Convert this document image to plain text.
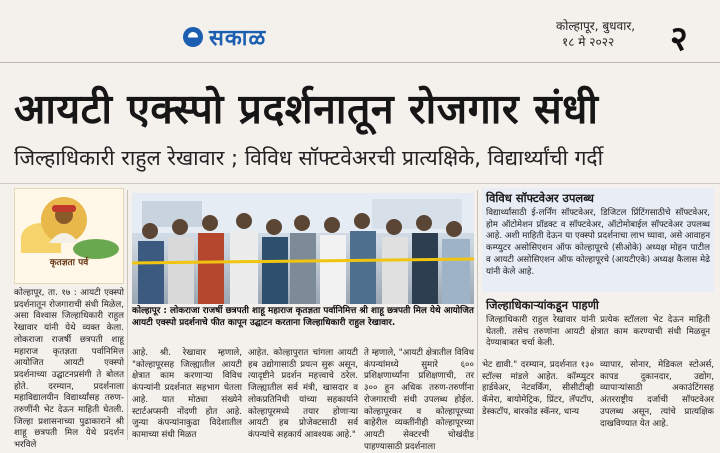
सकाळ	कोल्हापूर, बुधवार,
१८ मे २०२२	२
आयटी एक्स्पो प्रदर्शनातून रोजगार संधी
जिल्हाधिकारी राहुल रेखावार ; विविध सॉफ्टवेअरची प्रात्यक्षिके, विद्यार्थ्यांची गर्दी
कृतज्ञता पर्व
कोल्हापूर, ता. १७ : आयटी एक्स्पो प्रदर्शनातून रोजगाराची संधी मिळेल, असा विश्वास जिल्हाधिकारी राहुल रेखावार यांनी येथे व्यक्त केला. लोकराजा राजर्षी छत्रपती शाहू महाराज कृतज्ञता पर्वानिमित्त आयोजित आयटी एक्स्पो प्रदर्शनाच्या उद्घाटनप्रसंगी ते बोलत होते. दरम्यान, प्रदर्शनाला महाविद्यालयीन विद्यार्थ्यांसह तरुण-तरुणींनी भेट देऊन माहिती घेतली. जिल्हा प्रशासनाच्या पुढाकाराने श्री शाहू छत्रपती मिल येथे प्रदर्शन भरविले
कोल्हापूर : लोकराजा राजर्षी छत्रपती शाहू महाराज कृतज्ञता पर्वानिमित्त श्री शाहू छत्रपती मिल येथे आयोजित आयटी एक्स्पो प्रदर्शनाचे फीत कापून उद्घाटन करताना जिल्हाधिकारी राहुल रेखावार.
विविध सॉफ्टवेअर उपलब्ध
विद्यार्थ्यांसाठी ई-लर्निंग सॉफ्टवेअर, डिजिटल प्रिंटिंगसाठीचे सॉफ्टवेअर, होम ऑटोमेशन प्रॉडक्ट व सॉफ्टवेअर, ऑटोमोबाईल सॉफ्टवेअर उपलब्ध आहे. अशी माहिती देऊन या एक्स्पो प्रदर्शनाचा लाभ घ्यावा, असे आवाहन कम्प्युटर असोसिएशन ऑफ कोल्हापूरचे (सीओके) अध्यक्ष मोहन पाटील व आयटी असोसिएशन ऑफ कोल्हापूरचे (आयटीएके) अध्यक्ष कैलास मेढे यांनी केले आहे.
जिल्हाधिकाऱ्यांकडून पाहणी
जिल्हाधिकारी राहुल रेखावार यांनी प्रत्येक स्टॉलला भेट देऊन माहिती घेतली. तसेच तरुणांना आयटी क्षेत्रात काम करण्याची संधी मिळवून देण्याबाबत चर्चा केली.
आहे. श्री. रेखावार म्हणाले, "कोल्हापूरसह जिल्ह्यातील आयटी क्षेत्रात काम करणाऱ्या विविध कंपन्यांनी प्रदर्शनात सहभाग घेतला आहे. यात मोठ्या संख्येने स्टार्टअप्सनी नोंदणी होत आहे. जुन्या कंपन्यांनाकुढा विदेशातील कामाच्या संधी मिळत
आहेत. कोल्हापुरात चांगला आयटी हब उद्योगासाठी प्रयत्न सुरू असून, त्यादृष्टीने प्रदर्शन महत्त्वाचे ठरेल. जिल्ह्यातील सर्व मंत्री, खासदार व लोकप्रतिनिधी यांच्या सहकार्याने कोल्हापूरमध्ये तयार होणाऱ्या आयटी हब प्रोजेक्टसाठी सर्व कंपन्यांचे सहकार्य आवश्यक आहे."
ते म्हणाले, "आयटी क्षेत्रातील विविध कंपन्यांमध्ये सुमारे ६०० प्रशिक्षणार्थ्यांना प्रशिक्षणाची, तर ३०० हून अधिक तरुण-तरुणींना रोजगाराची संधी उपलब्ध होईल. कोल्हापूरकर व कोल्हापूरच्या बाहेरील व्यक्तींनीही कोल्हापूरच्या आयटी सेक्टरची चोखंदीड पाहण्यासाठी प्रदर्शनाला
भेट द्यावी." दरम्यान, प्रदर्शनात १३० स्टॉल्स मांडले आहेत. कॉम्प्युटर हार्डवेअर, नेटवर्किंग, सीसीटीव्ही कॅमेरा, बायोमेट्रिक, प्रिंटर, लॅपटॉप, डेस्कटॉप, बारकोड स्कॅनर, धान्य
व्यापार, सोनार, मेडिकल स्टोअर्स, कापड दुकानदार, उद्योग, व्यापाऱ्यांसाठी अकाउंटिंगसह अंतरराष्ट्रीय दर्जाची सॉफ्टवेअर उपलब्ध असून, त्यांचे प्रात्यक्षिक दाखविण्यात येत आहे.
